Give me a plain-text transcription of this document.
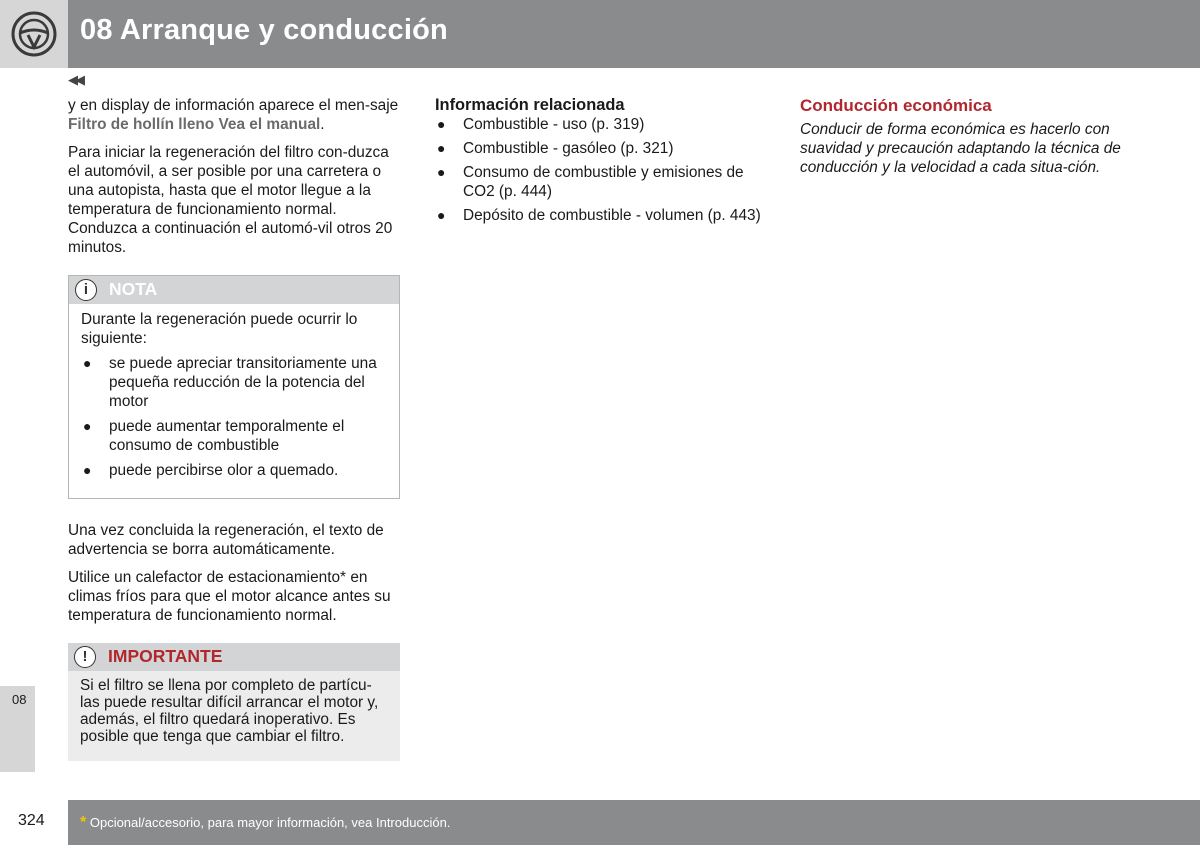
08 Arranque y conducción
◀◀

y en display de información aparece el men-saje Filtro de hollín lleno Vea el manual.

Para iniciar la regeneración del filtro con-duzca el automóvil, a ser posible por una carretera o una autopista, hasta que el motor llegue a la temperatura de funcionamiento normal. Conduzca a continuación el automó-vil otros 20 minutos.

i	NOTA

Durante la regeneración puede ocurrir lo siguiente:

● se puede apreciar transitoriamente una pequeña reducción de la potencia del motor
● puede aumentar temporalmente el consumo de combustible
● puede percibirse olor a quemado.

Una vez concluida la regeneración, el texto de advertencia se borra automáticamente.

Utilice un calefactor de estacionamiento* en climas fríos para que el motor alcance antes su temperatura de funcionamiento normal.

!	IMPORTANTE

Si el filtro se llena por completo de partícu-las puede resultar difícil arrancar el motor y, además, el filtro quedará inoperativo. Es posible que tenga que cambiar el filtro.

Información relacionada
● Combustible - uso (p. 319)
● Combustible - gasóleo (p. 321)
● Consumo de combustible y emisiones de CO2 (p. 444)
● Depósito de combustible - volumen (p. 443)
Conducción económica

Conducir de forma económica es hacerlo con suavidad y precaución adaptando la técnica de conducción y la velocidad a cada situa-ción.

08
324 * Opcional/accesorio, para mayor información, vea Introducción.
